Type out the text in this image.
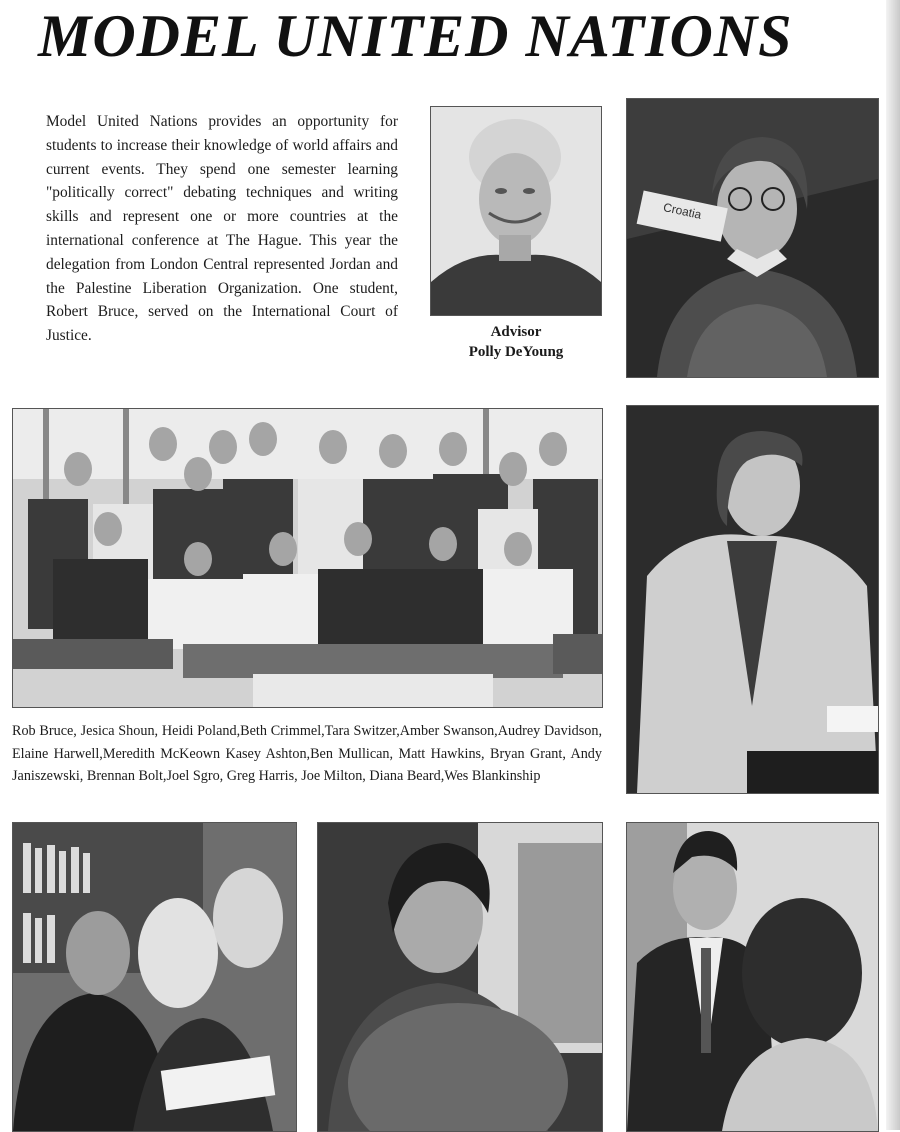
MODEL UNITED NATIONS

Model United Nations provides an opportunity for students to increase their knowledge of world affairs and current events. They spend one semester learning "politically correct" debating techniques and writing skills and represent one or more countries at the international conference at The Hague. This year the delegation from London Central represented Jordan and the Palestine Liberation Organization. One student, Robert Bruce, served on the International Court of Justice.	Advisor
Polly DeYoung
Croatia

Rob Bruce, Jesica Shoun, Heidi Poland,Beth Crimmel,Tara Switzer,Amber Swanson,Audrey Davidson, Elaine Harwell,Meredith McKeown Kasey Ashton,Ben Mullican, Matt Hawkins, Bryan Grant, Andy Janiszewski, Brennan Bolt,Joel Sgro, Greg Harris, Joe Milton, Diana Beard,Wes Blankinship
